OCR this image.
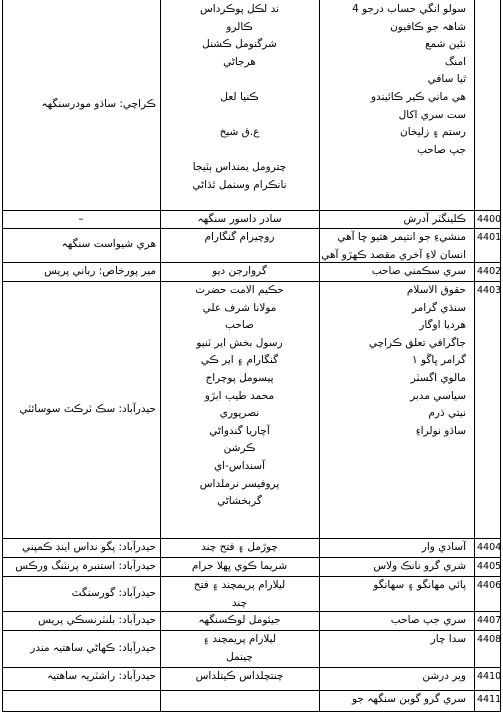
سولو انگي حساب درجو 4
شاهہ جو ڪافيون
نئين شمع
امنگ
ٿيا سافي
هي ماني ڪير ڪائيندو
ست سري اکال
رستم ۽ زليخان
جپ صاحب
ند لڪل پوڪرداس
ڪالرو
شرگنومل ڪشنل
هرجاڻي
ڪنيا لعل
ع.ق شيخ
چترومل يمنداس ٻٽيجا
نانڪرام وسنمل ٿڌاڻي
ڪراچي: ساڌو مودرسنگهہ
4400
ڪلينگٽر آدرش
سادر داسور سنگهہ
–
4401
منشيءِ جو انتيمر هتيو ڇا آهي
انسان لاءِ آخري مقصد ڪهڙو آهي
روچيرام گنگارام
هري شيواست سنگهہ
4402
سري سڪمني صاحب
گروارجن ديو
مير پورخاص: رباني پريس
4403
حقوق الاسلام
سنڌي گرامر
هرديا اوگار
جاگرافي تعلق ڪراچي
گرامر ڀاڱو ١
مالوي اگسٽر
سياسي مدبر
نيتي ڌرم
ساڌو نولراءِ
حڪيم الامت حضرت
مولانا شرف علي
صاحب
رسول بخش اير ٽنيو
گنگارام ۽ اير ڪي
پيسومل پوچراج
محمد طيب ابڙو
نصرپوري
آچاريا گندواڻي
ڪرشن
آسنداس-اي
پروفيسر نرملداس
گربخشاڻي
حيدرآباد: سڪ ٽرڪٽ سوسائٽي
4404
آسادي وار
چوڙمل ۽ فتح چند
حيدرآباد: پگو نداس اينڊ ڪمپني
4405
شري گرو نانڪ ولاس
شريما ڪوي ڀهلا جرام
حيدرآباد: استنبرہ پرنٽنگ ورڪس
4406
پائي مهانگو ۽ سهانگو
ليلارام پريمچند ۽ فتح
چند
حيدرآباد: گورسنگٽ
4407
سري جپ صاحب
جيئومل لوڪسنگهہ
حيدرآباد: بلنٽرنسڪي پريس
4408
سدا چار
ليلارام پريمچند ۽
چينمل
حيدرآباد: ڪهاڻي ساهتيہ مندر
4410
وير درشن
چنتچلداس ڪيتلداس
حيدرآباد: راشٽريہ ساهتيہ
4411
سري گرو گوبن سنگهہ جو
